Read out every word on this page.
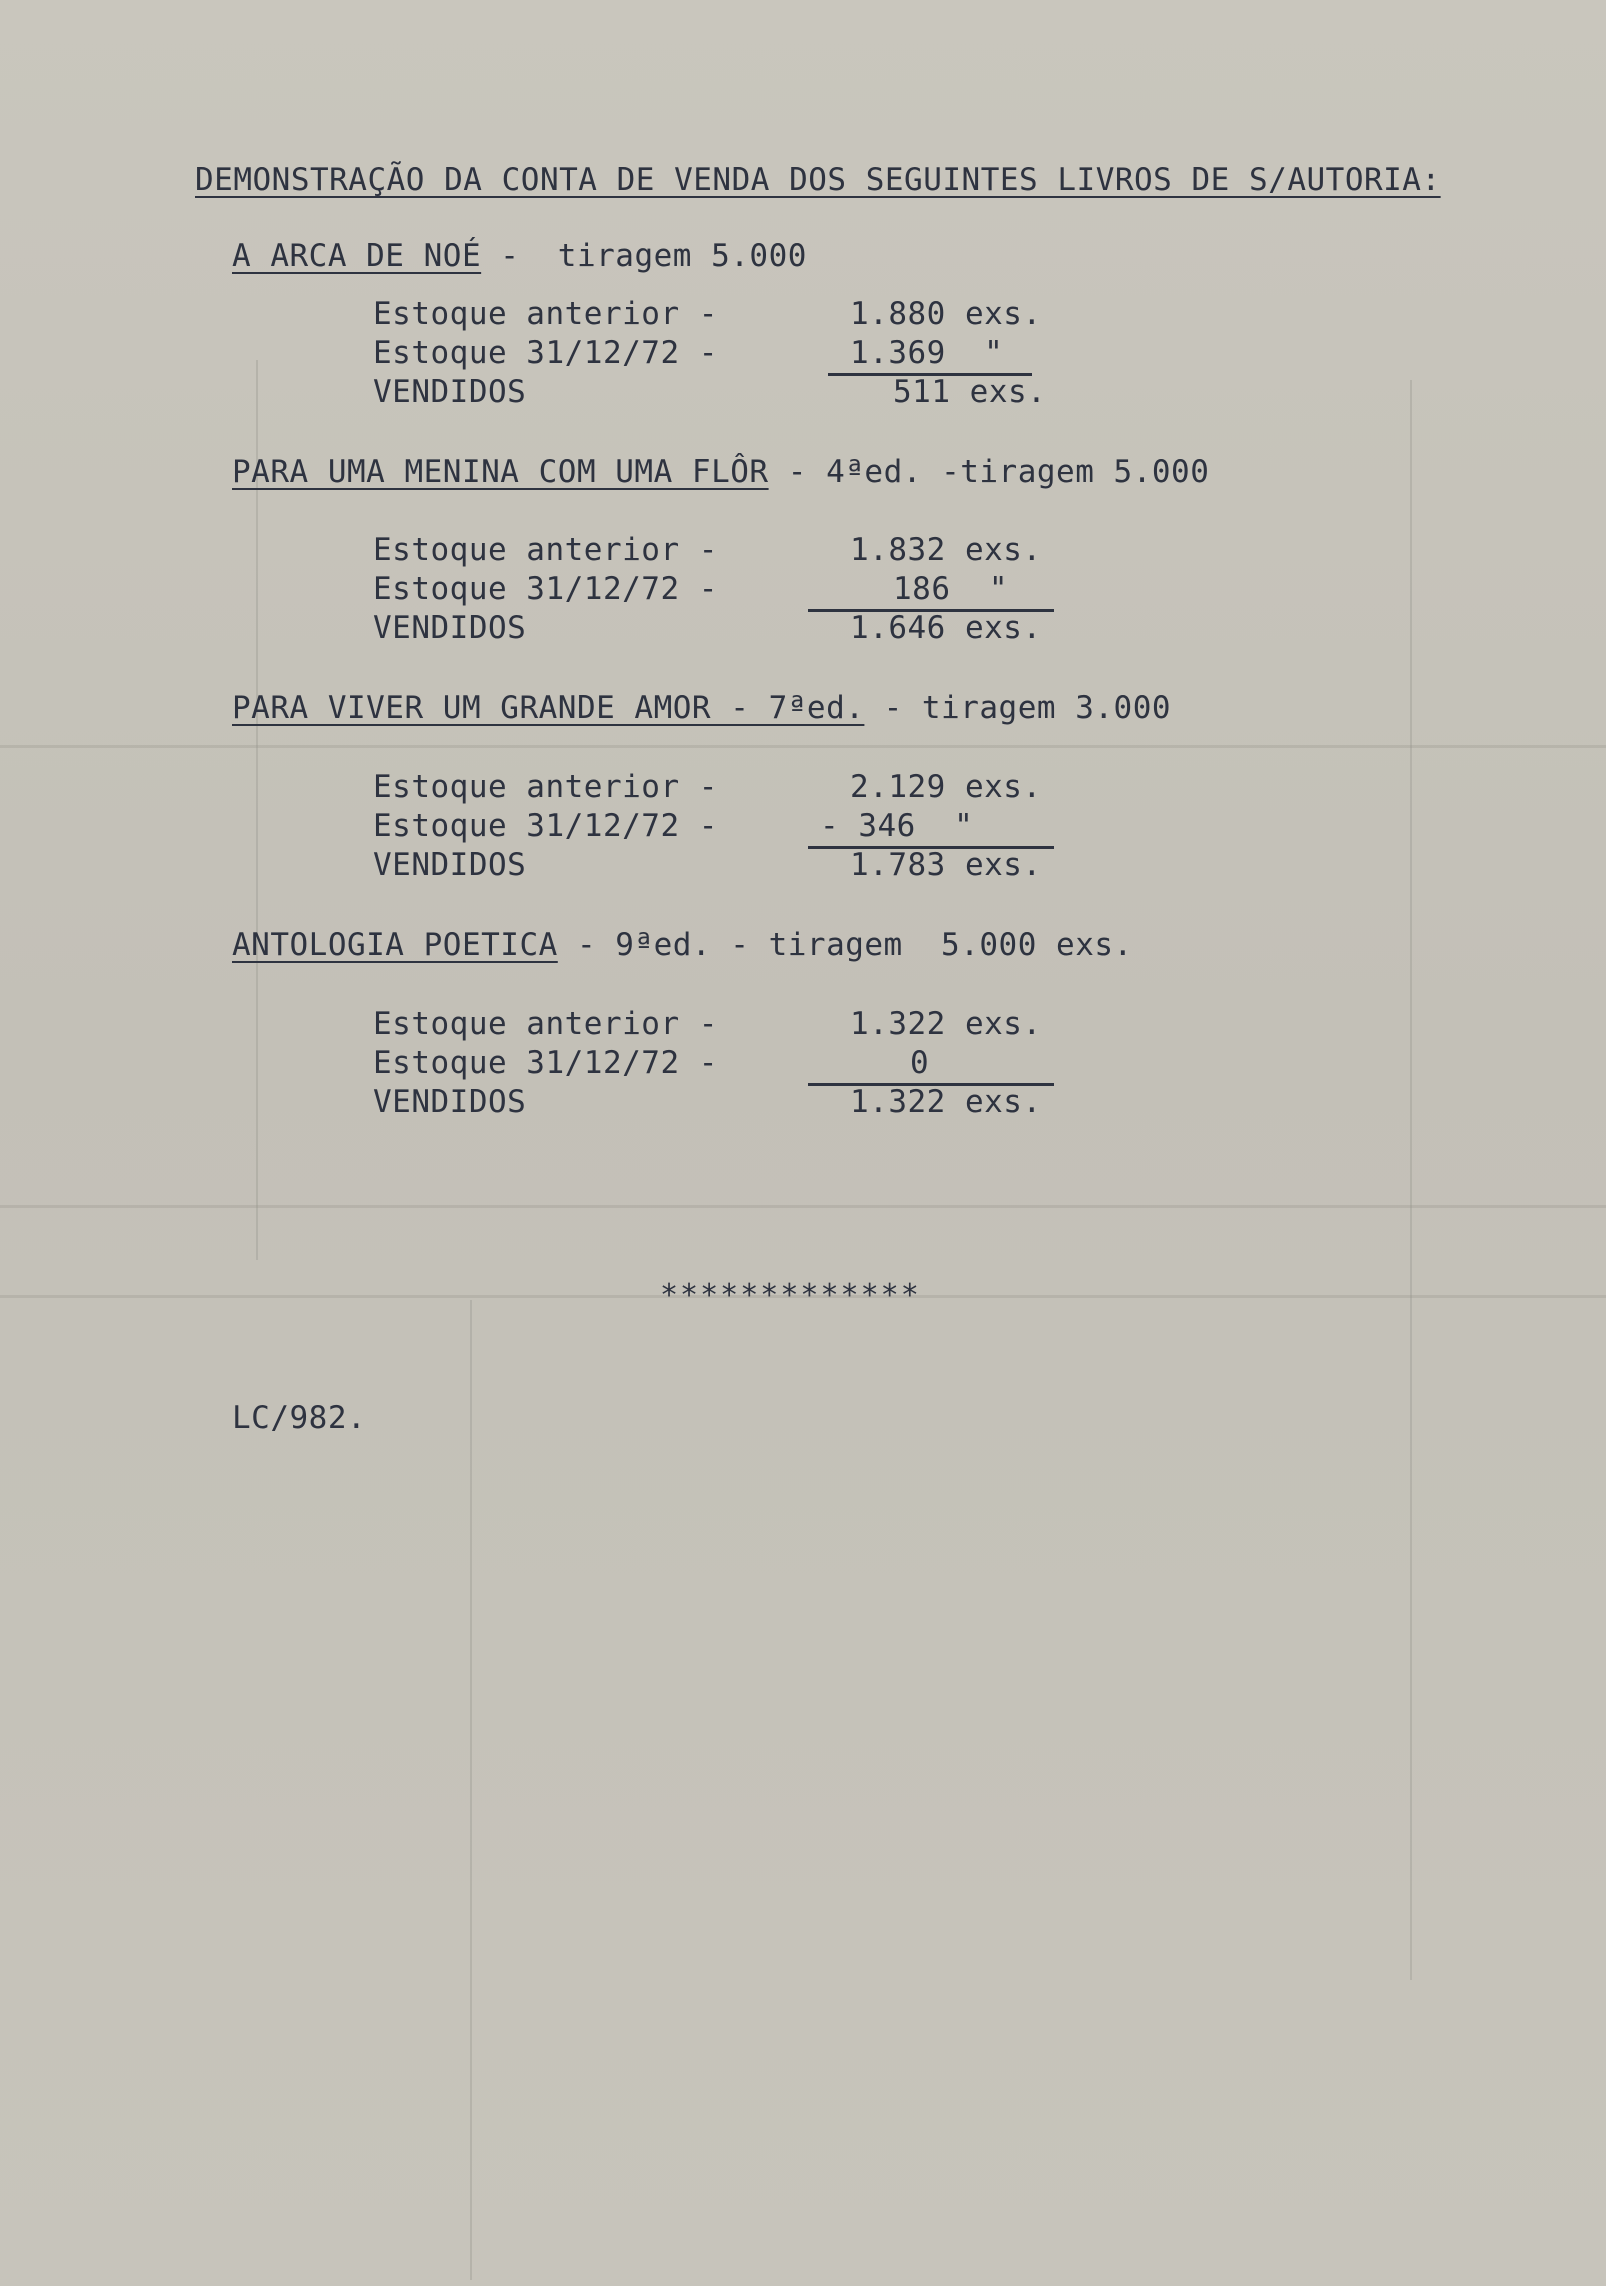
DEMONSTRAÇÃO DA CONTA DE VENDA DOS SEGUINTES LIVROS DE S/AUTORIA:
A ARCA DE NOÉ -  tiragem 5.000
Estoque anterior -	1.880 exs.
Estoque 31/12/72 -	1.369  "
VENDIDOS	511 exs.
PARA UMA MENINA COM UMA FLÔR - 4ªed. -tiragem 5.000
Estoque anterior -	1.832 exs.
Estoque 31/12/72 -	186  "
VENDIDOS	1.646 exs.
PARA VIVER UM GRANDE AMOR - 7ªed. - tiragem 3.000
Estoque anterior -	2.129 exs.
Estoque 31/12/72 -	- 346  "
VENDIDOS	1.783 exs.
ANTOLOGIA POETICA - 9ªed. - tiragem  5.000 exs.
Estoque anterior -	1.322 exs.
Estoque 31/12/72 -	0
VENDIDOS	1.322 exs.
*************
LC/982.
